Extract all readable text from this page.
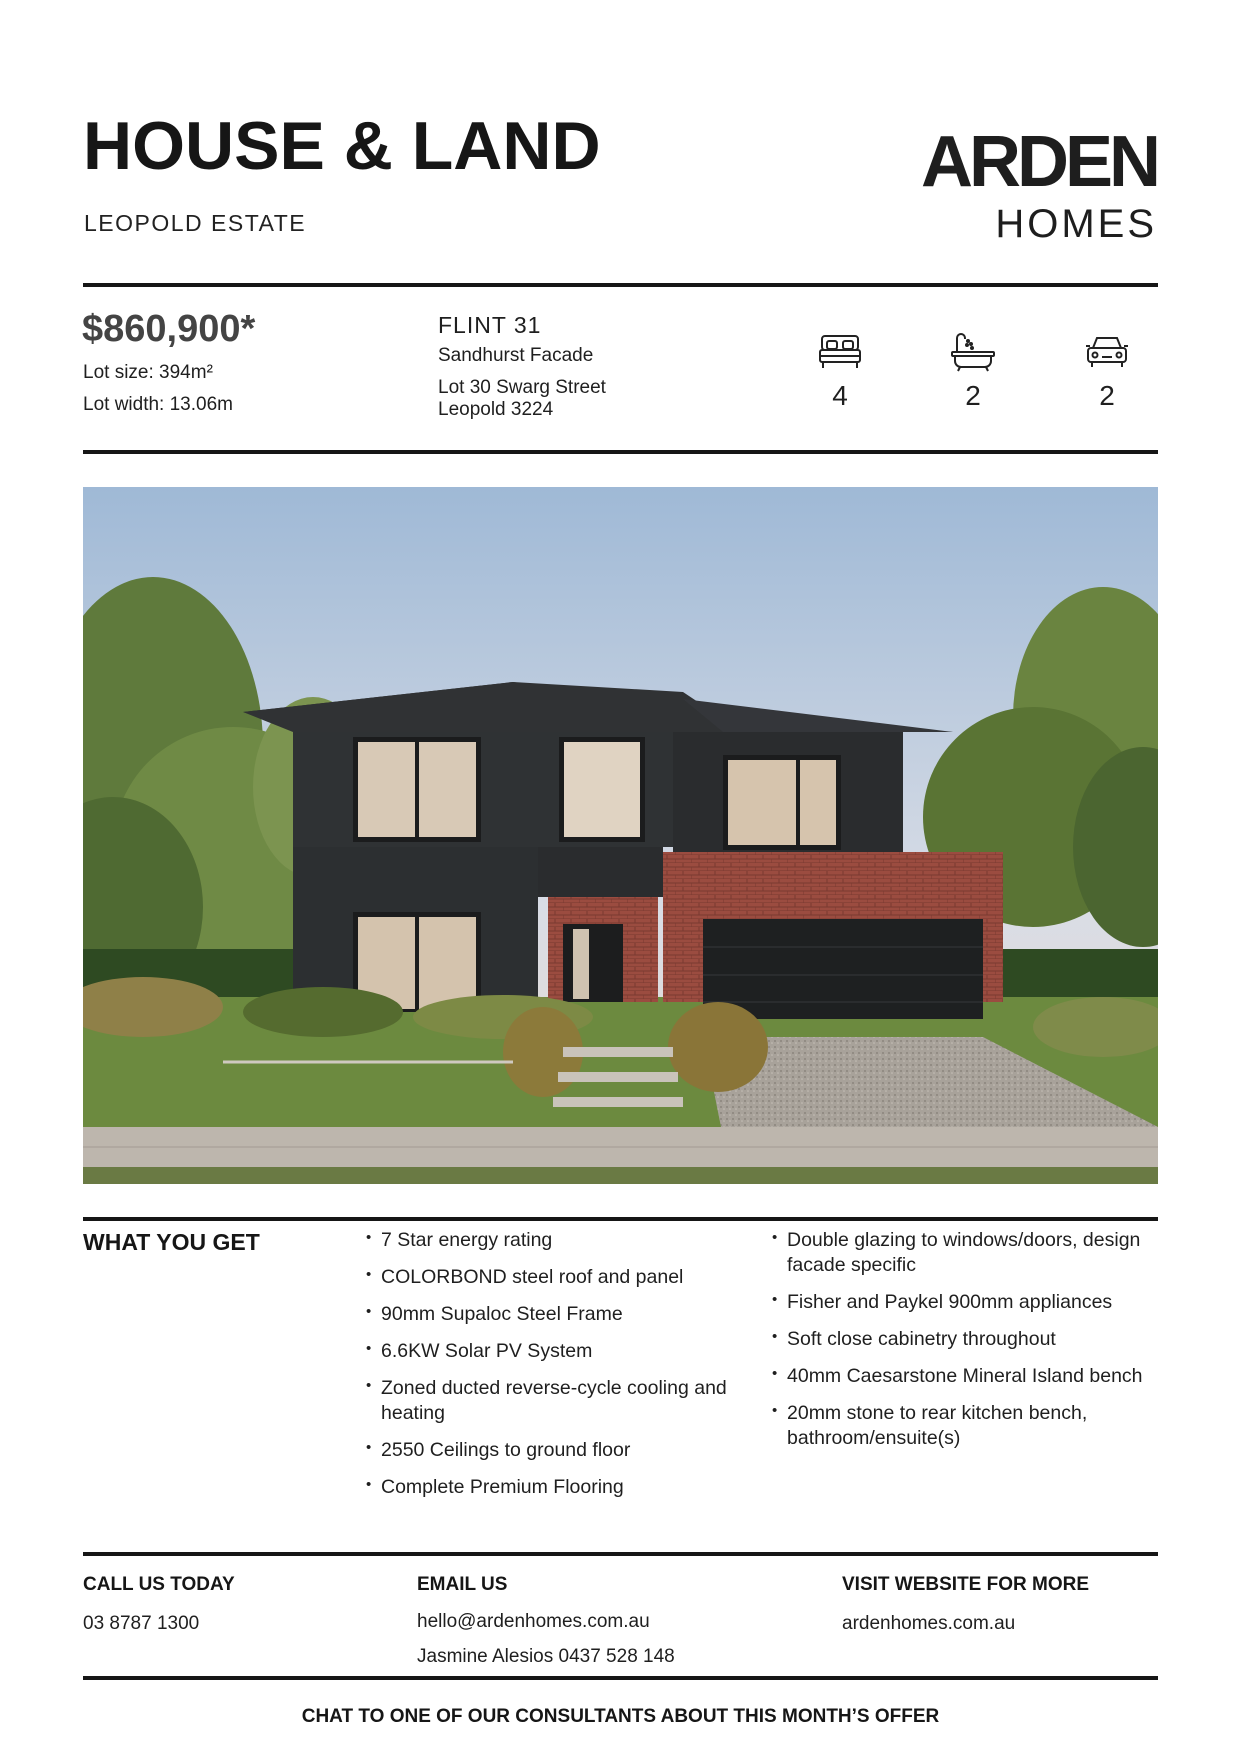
HOUSE & LAND
LEOPOLD ESTATE
ARDEN
HOMES
$860,900*
Lot size: 394m²
Lot width: 13.06m
FLINT 31
Sandhurst Facade
Lot 30 Swarg Street
Leopold 3224	4	2	2
WHAT YOU GET
•	7 Star energy rating
• COLORBOND steel roof and panel
• 90mm Supaloc Steel Frame
• 6.6KW Solar PV System
• Zoned ducted reverse-cycle cooling and heating
• 2550 Ceilings to ground floor
• Complete Premium Flooring
• Double glazing to windows/doors, design facade specific
• Fisher and Paykel 900mm appliances
• Soft close cabinetry throughout
• 40mm Caesarstone Mineral Island bench
• 20mm stone to rear kitchen bench, bathroom/ensuite(s)
CALL US TODAY
03 8787 1300
EMAIL US
hello@ardenhomes.com.au
Jasmine Alesios 0437 528 148
VISIT WEBSITE FOR MORE
ardenhomes.com.au
CHAT TO ONE OF OUR CONSULTANTS ABOUT THIS MONTH’S OFFER
